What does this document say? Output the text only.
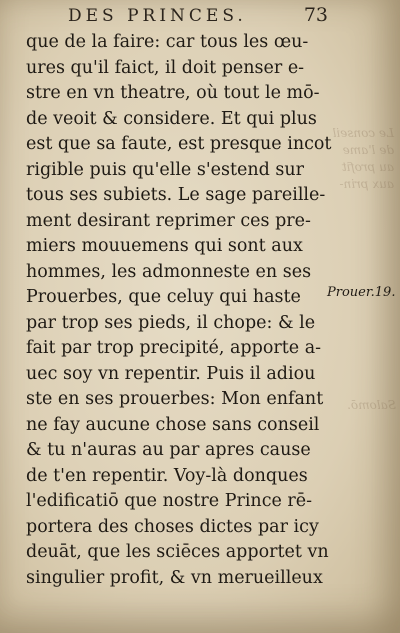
Le conseil
de l'ame
au profit
aux prin-
Salomō.
DES PRINCES.	73
que de la faire: car tous les œu-
ures qu'il faict, il doit penser e-
stre en vn theatre, où tout le mō-
de veoit & considere. Et qui plus
est que sa faute, est presque incot
rigible puis qu'elle s'estend sur
tous ses subiets. Le sage pareille-
ment desirant reprimer ces pre-
miers mouuemens qui sont aux
hommes, les admonneste en ses
Prouerbes, que celuy qui haste
par trop ses pieds, il chope: & le
fait par trop precipité, apporte a-
uec soy vn repentir. Puis il adiou
ste en ses prouerbes: Mon enfant
ne fay aucune chose sans conseil
& tu n'auras au par apres cause
de t'en repentir. Voy-là donques
l'edificatiō que nostre Prince rē-
portera des choses dictes par icy
deuāt, que les sciēces apportet vn
singulier profit, & vn merueilleux
Prouer.19.
